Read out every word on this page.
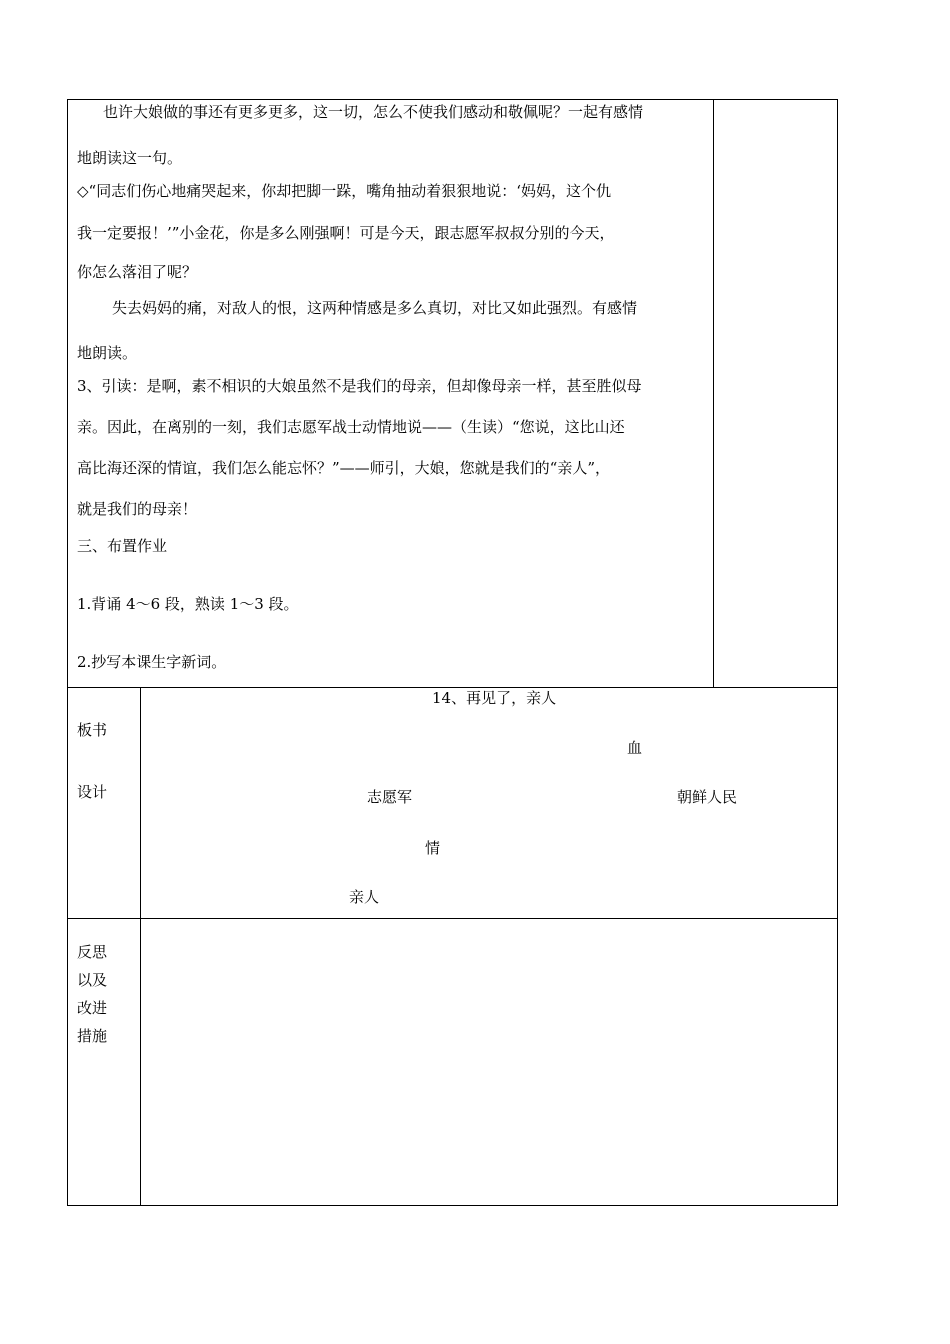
也许大娘做的事还有更多更多，这一切，怎么不使我们感动和敬佩呢？一起有感情
地朗读这一句。
◇“同志们伤心地痛哭起来，你却把脚一跺，嘴角抽动着狠狠地说：‘妈妈，这个仇
我一定要报！’”小金花，你是多么刚强啊！可是今天，跟志愿军叔叔分别的今天，
你怎么落泪了呢？
失去妈妈的痛，对敌人的恨，这两种情感是多么真切，对比又如此强烈。有感情
地朗读。
3、引读：是啊，素不相识的大娘虽然不是我们的母亲，但却像母亲一样，甚至胜似母
亲。因此，在离别的一刻，我们志愿军战士动情地说——（生读）“您说，这比山还
高比海还深的情谊，我们怎么能忘怀？”——师引，大娘，您就是我们的“亲人”，
就是我们的母亲！
三、布置作业
1.背诵 4～6 段，熟读 1～3 段。
2.抄写本课生字新词。
板书
设计
14、再见了，亲人
血
志愿军	朝鲜人民
情
亲人
反思
以及
改进
措施
